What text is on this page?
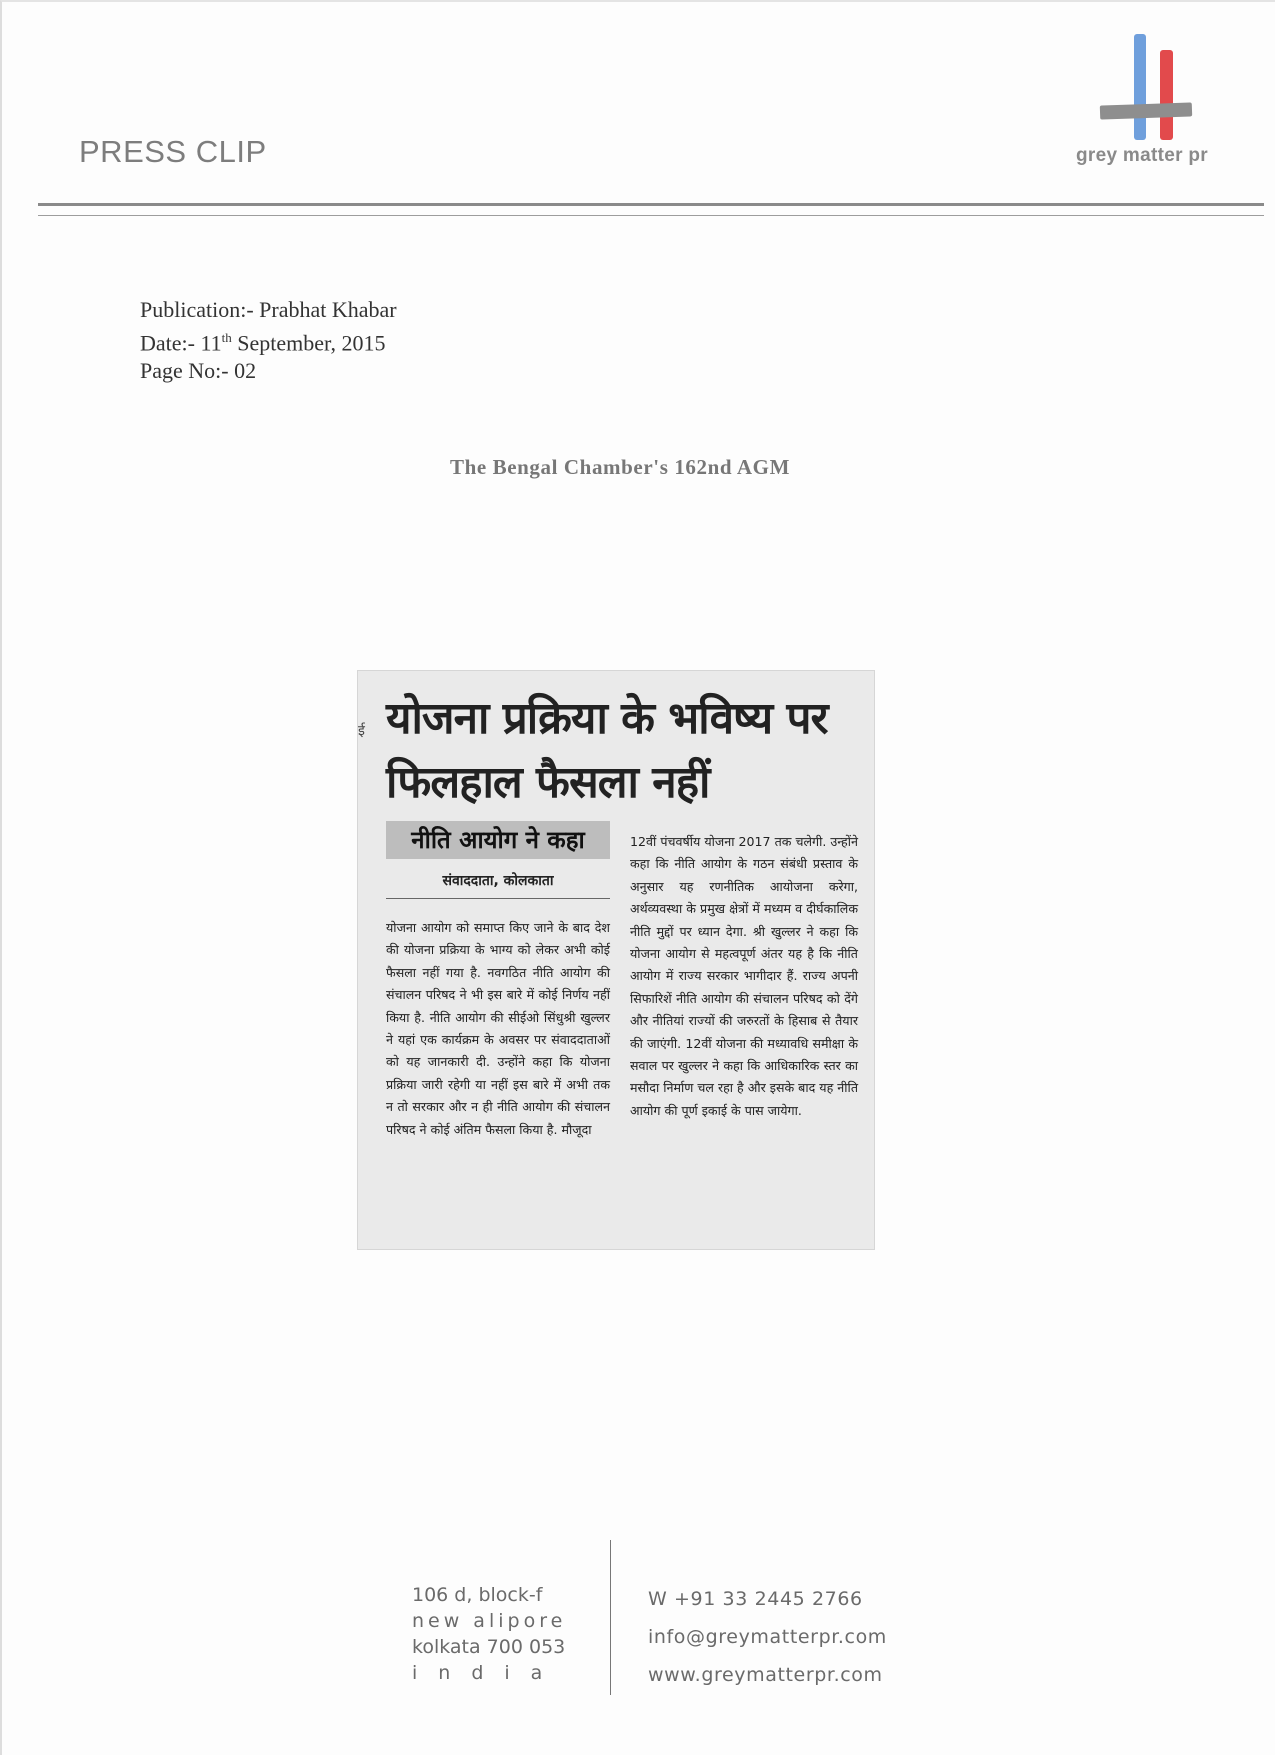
PRESS CLIP	grey matter pr
Publication:- Prabhat Khabar
Date:- 11th September, 2015
Page No:- 02
The Bengal Chamber's 162nd AGM
ई योजना प्रक्रिया के भविष्य पर फिलहाल फैसला नहीं
नीति आयोग ने कहा
संवाददाता, कोलकाता
योजना आयोग को समाप्त किए जाने के बाद देश की योजना प्रक्रिया के भाग्य को लेकर अभी कोई फैसला नहीं गया है. नवगठित नीति आयोग की संचालन परिषद ने भी इस बारे में कोई निर्णय नहीं किया है. नीति आयोग की सीईओ सिंधुश्री खुल्लर ने यहां एक कार्यक्रम के अवसर पर संवाददाताओं को यह जानकारी दी. उन्होंने कहा कि योजना प्रक्रिया जारी रहेगी या नहीं इस बारे में अभी तक न तो सरकार और न ही नीति आयोग की संचालन परिषद ने कोई अंतिम फैसला किया है. मौजूदा
12वीं पंचवर्षीय योजना 2017 तक चलेगी. उन्होंने कहा कि नीति आयोग के गठन संबंधी प्रस्ताव के अनुसार यह रणनीतिक आयोजना करेगा, अर्थव्यवस्था के प्रमुख क्षेत्रों में मध्यम व दीर्घकालिक नीति मुद्दों पर ध्यान देगा. श्री खुल्लर ने कहा कि योजना आयोग से महत्वपूर्ण अंतर यह है कि नीति आयोग में राज्य सरकार भागीदार हैं. राज्य अपनी सिफारिशें नीति आयोग की संचालन परिषद को देंगे और नीतियां राज्यों की जरुरतों के हिसाब से तैयार की जाएंगी. 12वीं योजना की मध्यावधि समीक्षा के सवाल पर खुल्लर ने कहा कि आधिकारिक स्तर का मसौदा निर्माण चल रहा है और इसके बाद यह नीति आयोग की पूर्ण इकाई के पास जायेगा.
106 d, block-f
new alipore
kolkata 700 053
india
W +91 33 2445 2766
info@greymatterpr.com
www.greymatterpr.com
